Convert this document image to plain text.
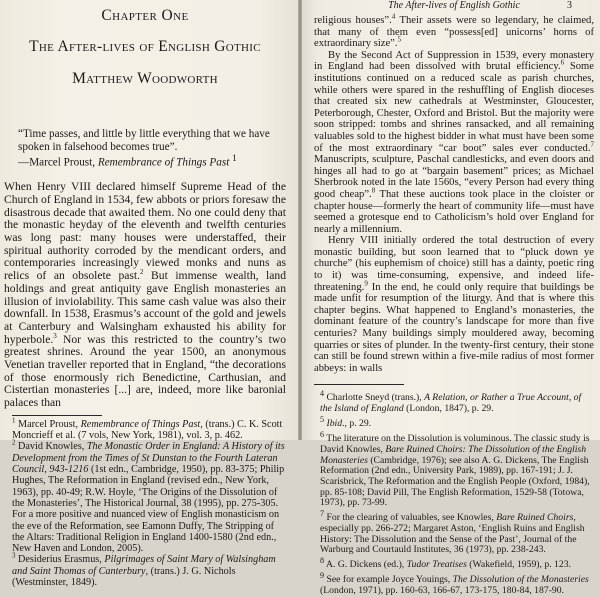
Chapter One
The After-lives of English Gothic
Matthew Woodworth
“Time passes, and little by little everything that we have spoken in falsehood becomes true”.
—Marcel Proust, Remembrance of Things Past $^1$

When Henry VIII declared himself Supreme Head of the Church of England in 1534, few abbots or priors foresaw the disastrous decade that awaited them. No one could deny that the monastic heyday of the eleventh and twelfth centuries was long past: many houses were understaffed, their spiritual authority corroded by the mendicant orders, and contemporaries increasingly viewed monks and nuns as relics of an obsolete past.$^2$ But immense wealth, land holdings and great antiquity gave English monasteries an illusion of inviolability. This same cash value was also their downfall. In 1538, Erasmus’s account of the gold and jewels at Canterbury and Walsingham exhausted his ability for hyperbole.$^3$ Nor was this restricted to the country’s two greatest shrines. Around the year 1500, an anonymous Venetian traveller reported that in England, “the decorations of those enormously rich Benedictine, Carthusian, and Cistertian monasteries [...] are, indeed, more like baronial palaces than

$^1$ Marcel Proust, Remembrance of Things Past, (trans.) C. K. Scott Moncrieff et al. (7 vols, New York, 1981), vol. 3, p. 462.
$^2$ David Knowles, The Monastic Order in England: A History of its Development from the Times of St Dunstan to the Fourth Lateran Council, 943-1216 (1st edn., Cambridge, 1950), pp. 83-375; Philip Hughes, The Reformation in England (revised edn., New York, 1963), pp. 40-49; R.W. Hoyle, ‘The Origins of the Dissolution of the Monasteries’, The Historical Journal, 38 (1995), pp. 275-305. For a more positive and nuanced view of English monasticism on the eve of the Reformation, see Eamonn Duffy, The Stripping of the Altars: Traditional Religion in England 1400-1580 (2nd edn., New Haven and London, 2005).
$^3$ Desiderius Erasmus, Pilgrimages of Saint Mary of Walsingham and Saint Thomas of Canterbury, (trans.) J. G. Nichols (Westminster, 1849).
The After-lives of English Gothic	3

religious houses”.$^4$ Their assets were so legendary, he claimed, that many of them even “possess[ed] unicorns’ horns of extraordinary size”.$^5$

By the Second Act of Suppression in 1539, every monastery in England had been dissolved with brutal efficiency.$^6$ Some institutions continued on a reduced scale as parish churches, while others were spared in the reshuffling of English dioceses that created six new cathedrals at Westminster, Gloucester, Peterborough, Chester, Oxford and Bristol. But the majority were soon stripped: tombs and shrines ransacked, and all remaining valuables sold to the highest bidder in what must have been some of the most extraordinary “car boot” sales ever conducted.$^7$ Manuscripts, sculpture, Paschal candlesticks, and even doors and hinges all had to go at “bargain basement” prices; as Michael Sherbrook noted in the late 1560s, “every Person had every thing good cheap”.$^8$ That these auctions took place in the cloister or chapter house—formerly the heart of community life—must have seemed a grotesque end to Catholicism’s hold over England for nearly a millennium.

Henry VIII initially ordered the total destruction of every monastic building, but soon learned that to “pluck down ye churche” (his euphemism of choice) still has a dainty, poetic ring to it) was time-consuming, expensive, and indeed life-threatening.$^9$ In the end, he could only require that buildings be made unfit for resumption of the liturgy. And that is where this chapter begins. What happened to England’s monasteries, the dominant feature of the country’s landscape for more than five centuries? Many buildings simply mouldered away, becoming quarries or sites of plunder. In the twenty-first century, their stone can still be found strewn within a five-mile radius of most former abbeys: in walls

$^4$ Charlotte Sneyd (trans.), A Relation, or Rather a True Account, of the Island of England (London, 1847), p. 29.
$^5$ Ibid., p. 29.
$^6$ The literature on the Dissolution is voluminous. The classic study is David Knowles, Bare Ruined Choirs: The Dissolution of the English Monasteries (Cambridge, 1976); see also A. G. Dickens, The English Reformation (2nd edn., University Park, 1989), pp. 167-191; J. J. Scarisbrick, The Reformation and the English People (Oxford, 1984), pp. 85-108; David Pill, The English Reformation, 1529-58 (Totowa, 1973), pp. 73-99.
$^7$ For the clearing of valuables, see Knowles, Bare Ruined Choirs, especially pp. 266-272; Margaret Aston, ‘English Ruins and English History: The Dissolution and the Sense of the Past’, Journal of the Warburg and Courtauld Institutes, 36 (1973), pp. 238-243.
$^8$ A. G. Dickens (ed.), Tudor Treatises (Wakefield, 1959), p. 123.
$^9$ See for example Joyce Youings, The Dissolution of the Monasteries (London, 1971), pp. 160-63, 166-67, 173-175, 180-84, 187-90.
